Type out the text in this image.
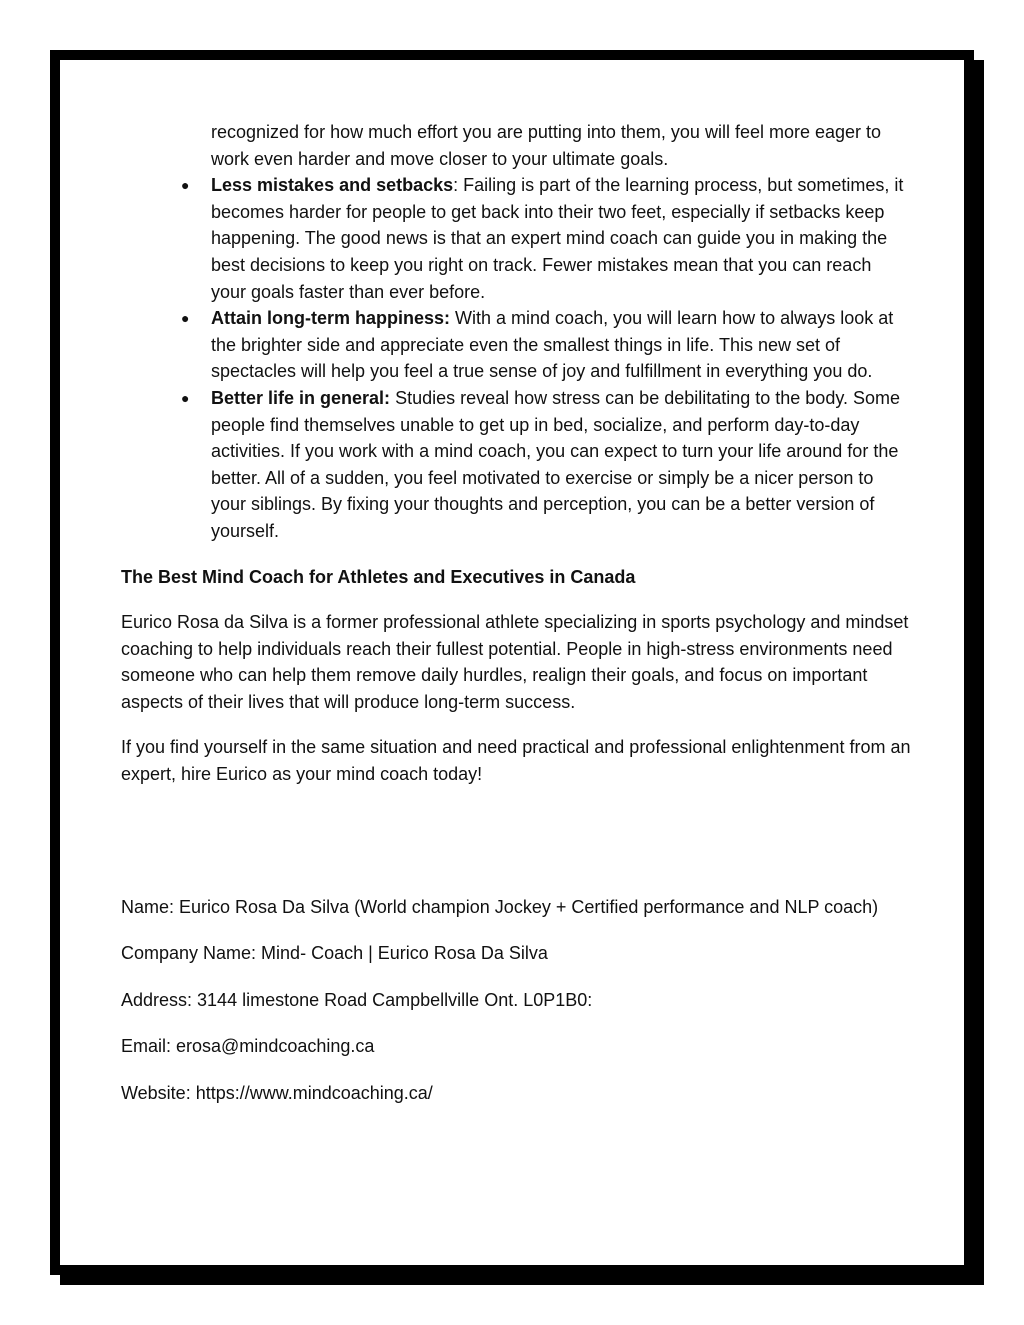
recognized for how much effort you are putting into them, you will feel more eager to work even harder and move closer to your ultimate goals.
● Less mistakes and setbacks: Failing is part of the learning process, but sometimes, it becomes harder for people to get back into their two feet, especially if setbacks keep happening. The good news is that an expert mind coach can guide you in making the best decisions to keep you right on track. Fewer mistakes mean that you can reach your goals faster than ever before.
● Attain long-term happiness: With a mind coach, you will learn how to always look at the brighter side and appreciate even the smallest things in life. This new set of spectacles will help you feel a true sense of joy and fulfillment in everything you do.
● Better life in general: Studies reveal how stress can be debilitating to the body. Some people find themselves unable to get up in bed, socialize, and perform day-to-day activities. If you work with a mind coach, you can expect to turn your life around for the better. All of a sudden, you feel motivated to exercise or simply be a nicer person to your siblings. By fixing your thoughts and perception, you can be a better version of yourself.

The Best Mind Coach for Athletes and Executives in Canada

Eurico Rosa da Silva is a former professional athlete specializing in sports psychology and mindset coaching to help individuals reach their fullest potential. People in high-stress environments need someone who can help them remove daily hurdles, realign their goals, and focus on important aspects of their lives that will produce long-term success.

If you find yourself in the same situation and need practical and professional enlightenment from an expert, hire Eurico as your mind coach today!

Name: Eurico Rosa Da Silva (World champion Jockey + Certified performance and NLP coach)

Company Name: Mind- Coach | Eurico Rosa Da Silva

Address: 3144 limestone Road Campbellville Ont. L0P1B0:

Email: erosa@mindcoaching.ca

Website: https://www.mindcoaching.ca/
